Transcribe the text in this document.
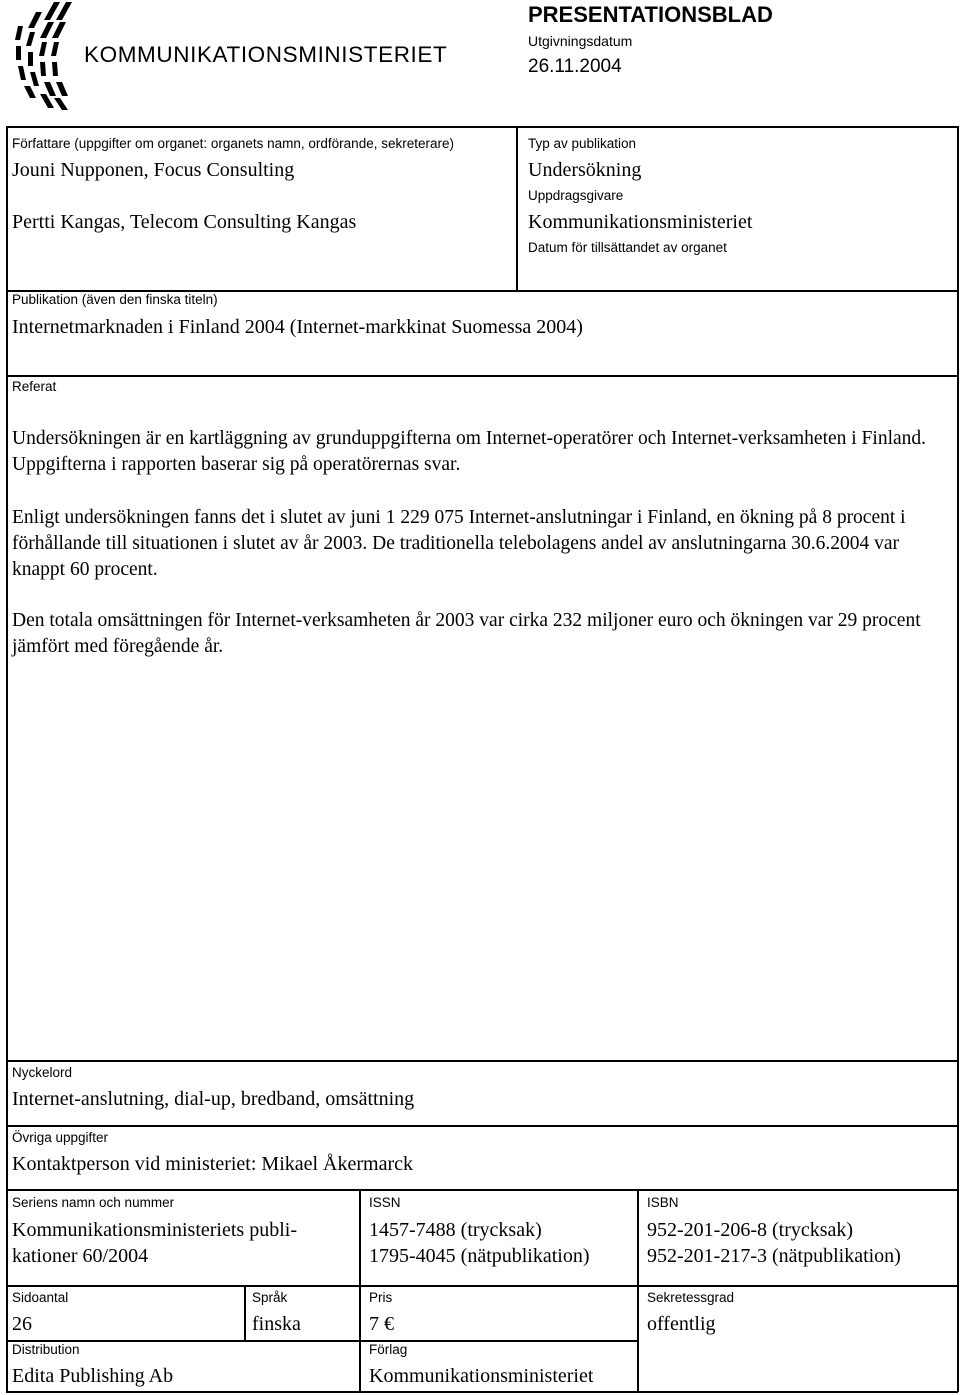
KOMMUNIKATIONSMINISTERIET
PRESENTATIONSBLAD
Utgivningsdatum
26.11.2004
Författare (uppgifter om organet: organets namn, ordförande, sekreterare)
Jouni Nupponen, Focus Consulting
Pertti Kangas, Telecom Consulting Kangas
Typ av publikation
Undersökning
Uppdragsgivare
Kommunikationsministeriet
Datum för tillsättandet av organet
Publikation (även den finska titeln)
Internetmarknaden i Finland 2004 (Internet-markkinat Suomessa 2004)
Referat

Undersökningen är en kartläggning av grunduppgifterna om Internet-operatörer och Internet-verksamheten i Finland. Uppgifterna i rapporten baserar sig på operatörernas svar.

Enligt undersökningen fanns det i slutet av juni 1 229 075 Internet-anslutningar i Finland, en ökning på 8 procent i förhållande till situationen i slutet av år 2003. De traditionella telebolagens andel av anslutningarna 30.6.2004 var knappt 60 procent.

Den totala omsättningen för Internet-verksamheten år 2003 var cirka 232 miljoner euro och ökningen var 29 procent jämfört med föregående år.

Nyckelord
Internet-anslutning, dial-up, bredband, omsättning
Övriga uppgifter
Kontaktperson vid ministeriet: Mikael Åkermarck
Seriens namn och nummer
Kommunikationsministeriets publi-
kationer 60/2004
ISSN
1457-7488 (trycksak)
1795-4045 (nätpublikation)
ISBN
952-201-206-8 (trycksak)
952-201-217-3 (nätpublikation)
Sidoantal
26
Språk
finska
Pris
7 €
Sekretessgrad
offentlig
Distribution
Edita Publishing Ab
Förlag
Kommunikationsministeriet
